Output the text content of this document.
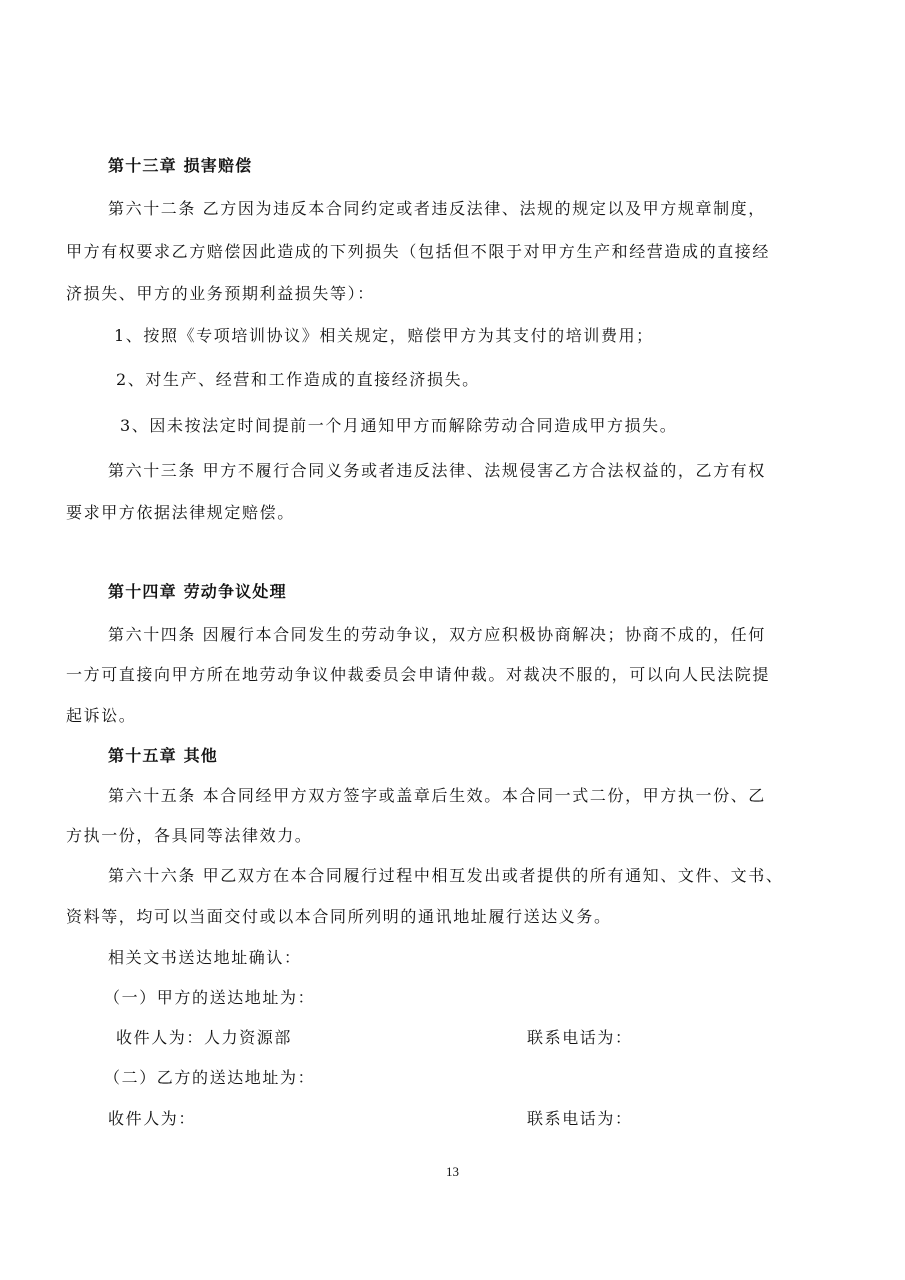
第十三章 损害赔偿
第六十二条 乙方因为违反本合同约定或者违反法律、法规的规定以及甲方规章制度，
甲方有权要求乙方赔偿因此造成的下列损失（包括但不限于对甲方生产和经营造成的直接经
济损失、甲方的业务预期利益损失等）：
1、按照《专项培训协议》相关规定，赔偿甲方为其支付的培训费用；
2、对生产、经营和工作造成的直接经济损失。
3、因未按法定时间提前一个月通知甲方而解除劳动合同造成甲方损失。
第六十三条 甲方不履行合同义务或者违反法律、法规侵害乙方合法权益的，乙方有权
要求甲方依据法律规定赔偿。
第十四章 劳动争议处理
第六十四条 因履行本合同发生的劳动争议，双方应积极协商解决；协商不成的，任何
一方可直接向甲方所在地劳动争议仲裁委员会申请仲裁。对裁决不服的，可以向人民法院提
起诉讼。
第十五章 其他
第六十五条 本合同经甲方双方签字或盖章后生效。本合同一式二份，甲方执一份、乙
方执一份，各具同等法律效力。
第六十六条 甲乙双方在本合同履行过程中相互发出或者提供的所有通知、文件、文书、
资料等，均可以当面交付或以本合同所列明的通讯地址履行送达义务。
相关文书送达地址确认：
（一）甲方的送达地址为：
收件人为：人力资源部	联系电话为：
（二）乙方的送达地址为：
收件人为：	联系电话为：
13
